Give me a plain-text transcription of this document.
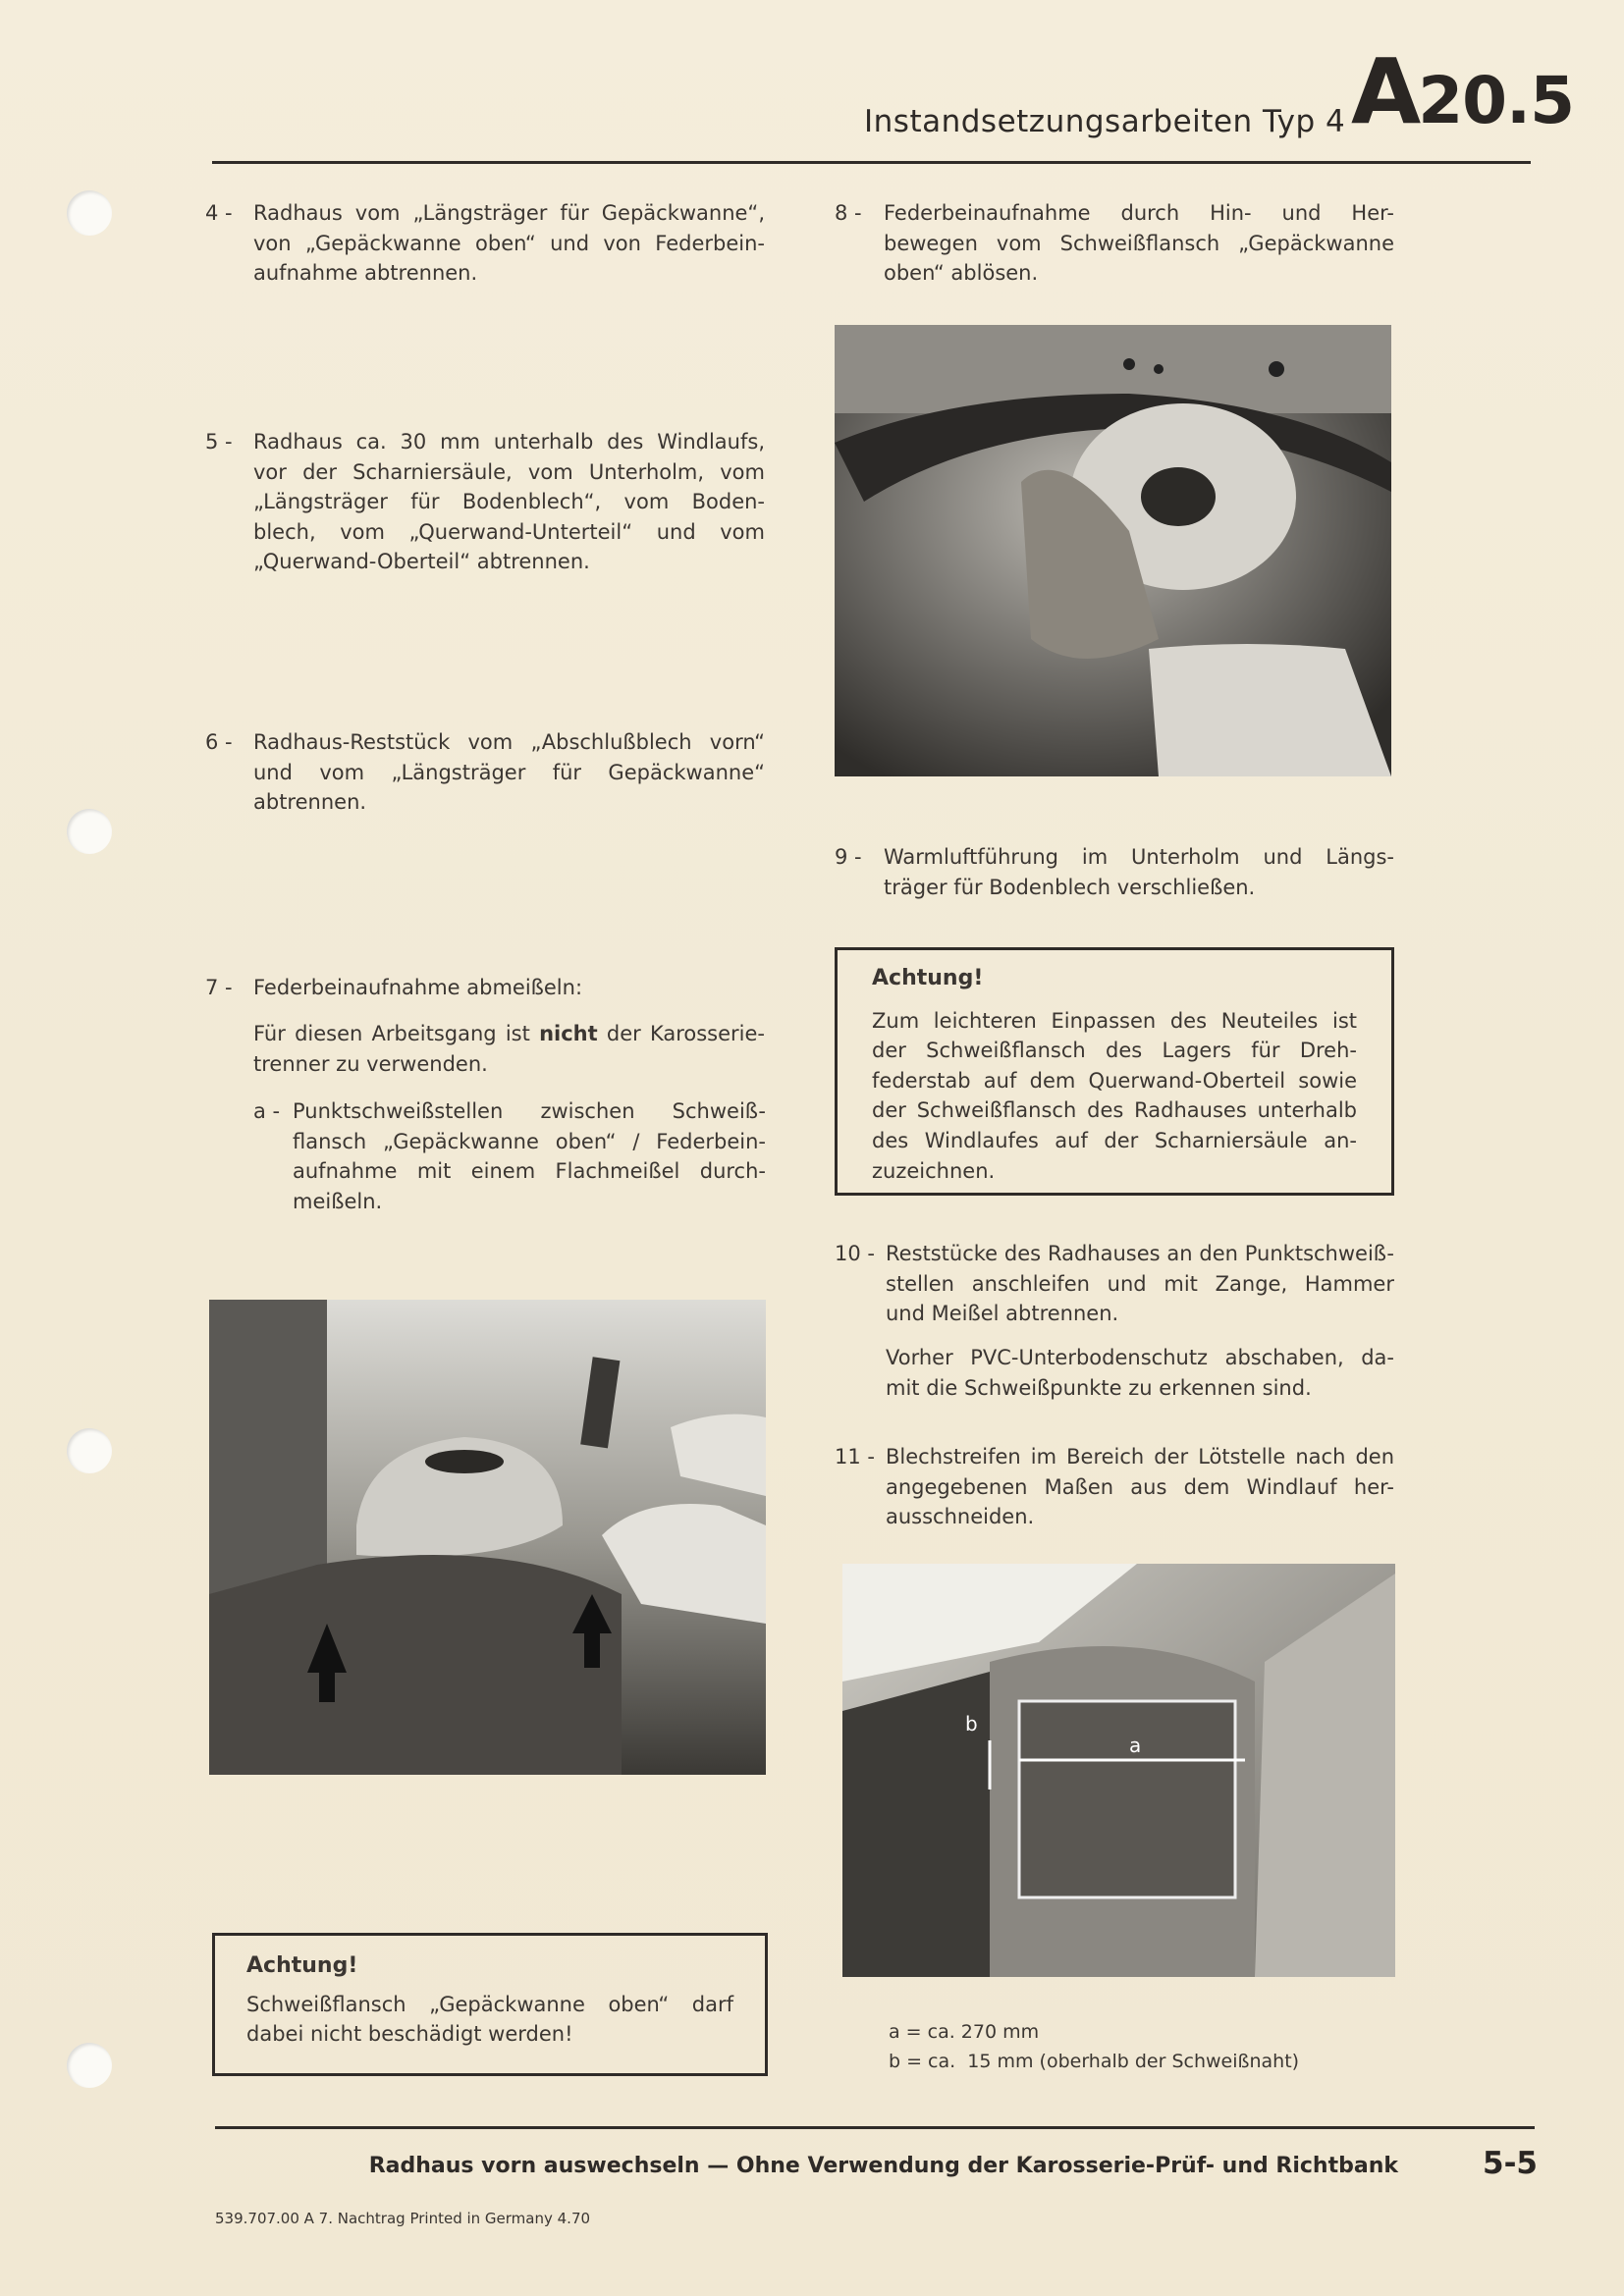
Instandsetzungsarbeiten Typ 4 A20.5
4 - Radhaus vom „Längsträger für Gepäckwanne“,
von „Gepäckwanne oben“ und von Federbein-
aufnahme abtrennen.
5 - Radhaus ca. 30 mm unterhalb des Windlaufs,
vor der Scharniersäule, vom Unterholm, vom
„Längsträger für Bodenblech“, vom Boden-
blech, vom „Querwand-Unterteil“ und vom
„Querwand-Oberteil“ abtrennen.
6 - Radhaus-Reststück vom „Abschlußblech vorn“
und vom „Längsträger für Gepäckwanne“
abtrennen.
7 - Federbeinaufnahme abmeißeln:
Für diesen Arbeitsgang ist nicht der Karosserie-
trenner zu verwenden.
a - Punktschweißstellen zwischen Schweiß-
flansch „Gepäckwanne oben“ / Federbein-
aufnahme mit einem Flachmeißel durch-
meißeln.
8 - Federbeinaufnahme durch Hin- und Her-
bewegen vom Schweißflansch „Gepäckwanne
oben“ ablösen.
9 - Warmluftführung im Unterholm und Längs-
träger für Bodenblech verschließen.
10 - Reststücke des Radhauses an den Punktschweiß-
stellen anschleifen und mit Zange, Hammer
und Meißel abtrennen.
Vorher PVC-Unterbodenschutz abschaben, da-
mit die Schweißpunkte zu erkennen sind.
11 - Blechstreifen im Bereich der Lötstelle nach den
angegebenen Maßen aus dem Windlauf her-
ausschneiden.
Achtung!
Zum leichteren Einpassen des Neuteiles ist
der Schweißflansch des Lagers für Dreh-
federstab auf dem Querwand-Oberteil sowie
der Schweißflansch des Radhauses unterhalb
des Windlaufes auf der Scharniersäule an-
zuzeichnen.
Achtung!
Schweißflansch „Gepäckwanne oben“ darf
dabei nicht beschädigt werden!
b
a
a = ca. 270 mm
b = ca.  15 mm (oberhalb der Schweißnaht)
Radhaus vorn auswechseln — Ohne Verwendung der Karosserie-Prüf- und Richtbank	5-5
539.707.00 A 7. Nachtrag Printed in Germany 4.70
